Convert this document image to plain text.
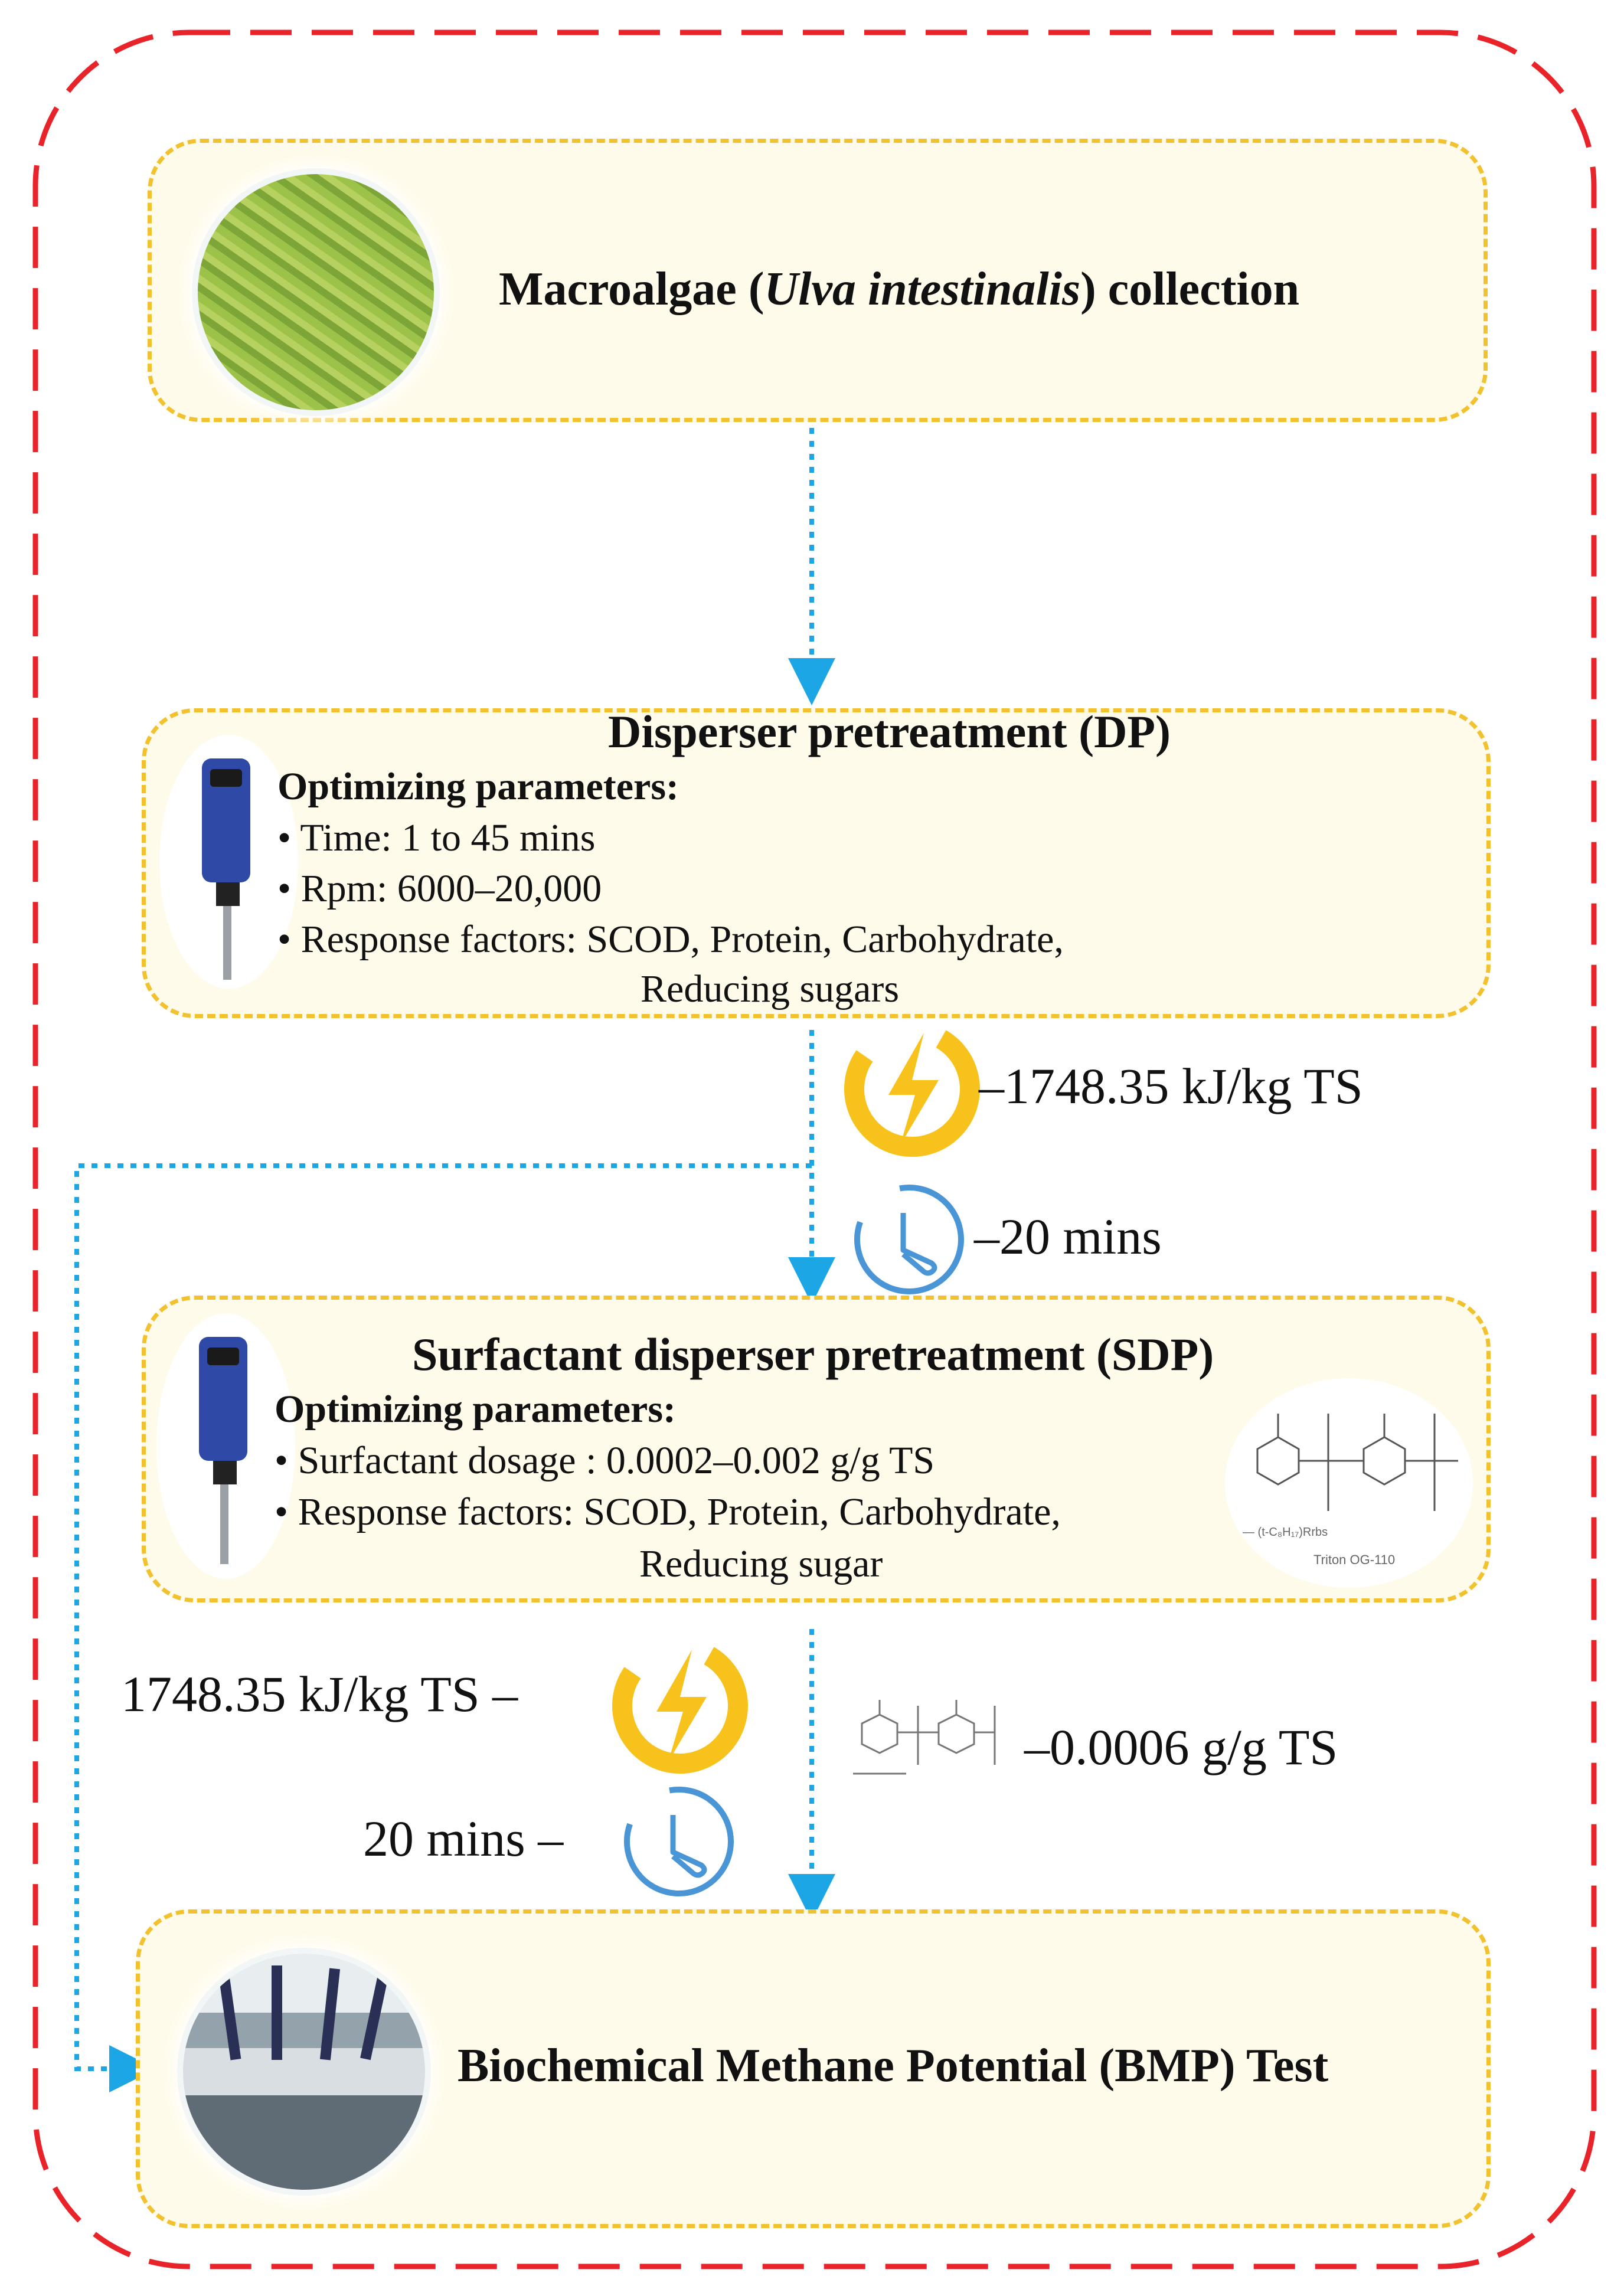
Macroalgae (Ulva intestinalis) collection
Disperser pretreatment (DP)
Optimizing parameters:
• Time: 1 to 45 mins
• Rpm: 6000–20,000
• Response factors: SCOD, Protein, Carbohydrate,
Reducing sugars
–1748.35 kJ/kg TS
–20 mins
Surfactant disperser pretreatment (SDP)
Optimizing parameters:
• Surfactant dosage : 0.0002–0.002 g/g TS
• Response factors: SCOD, Protein, Carbohydrate,
Reducing sugar
— (t-C₈H₁₇)Rrbs
Triton OG-110
1748.35 kJ/kg TS –
20 mins –
–0.0006 g/g TS
Biochemical Methane Potential (BMP) Test
